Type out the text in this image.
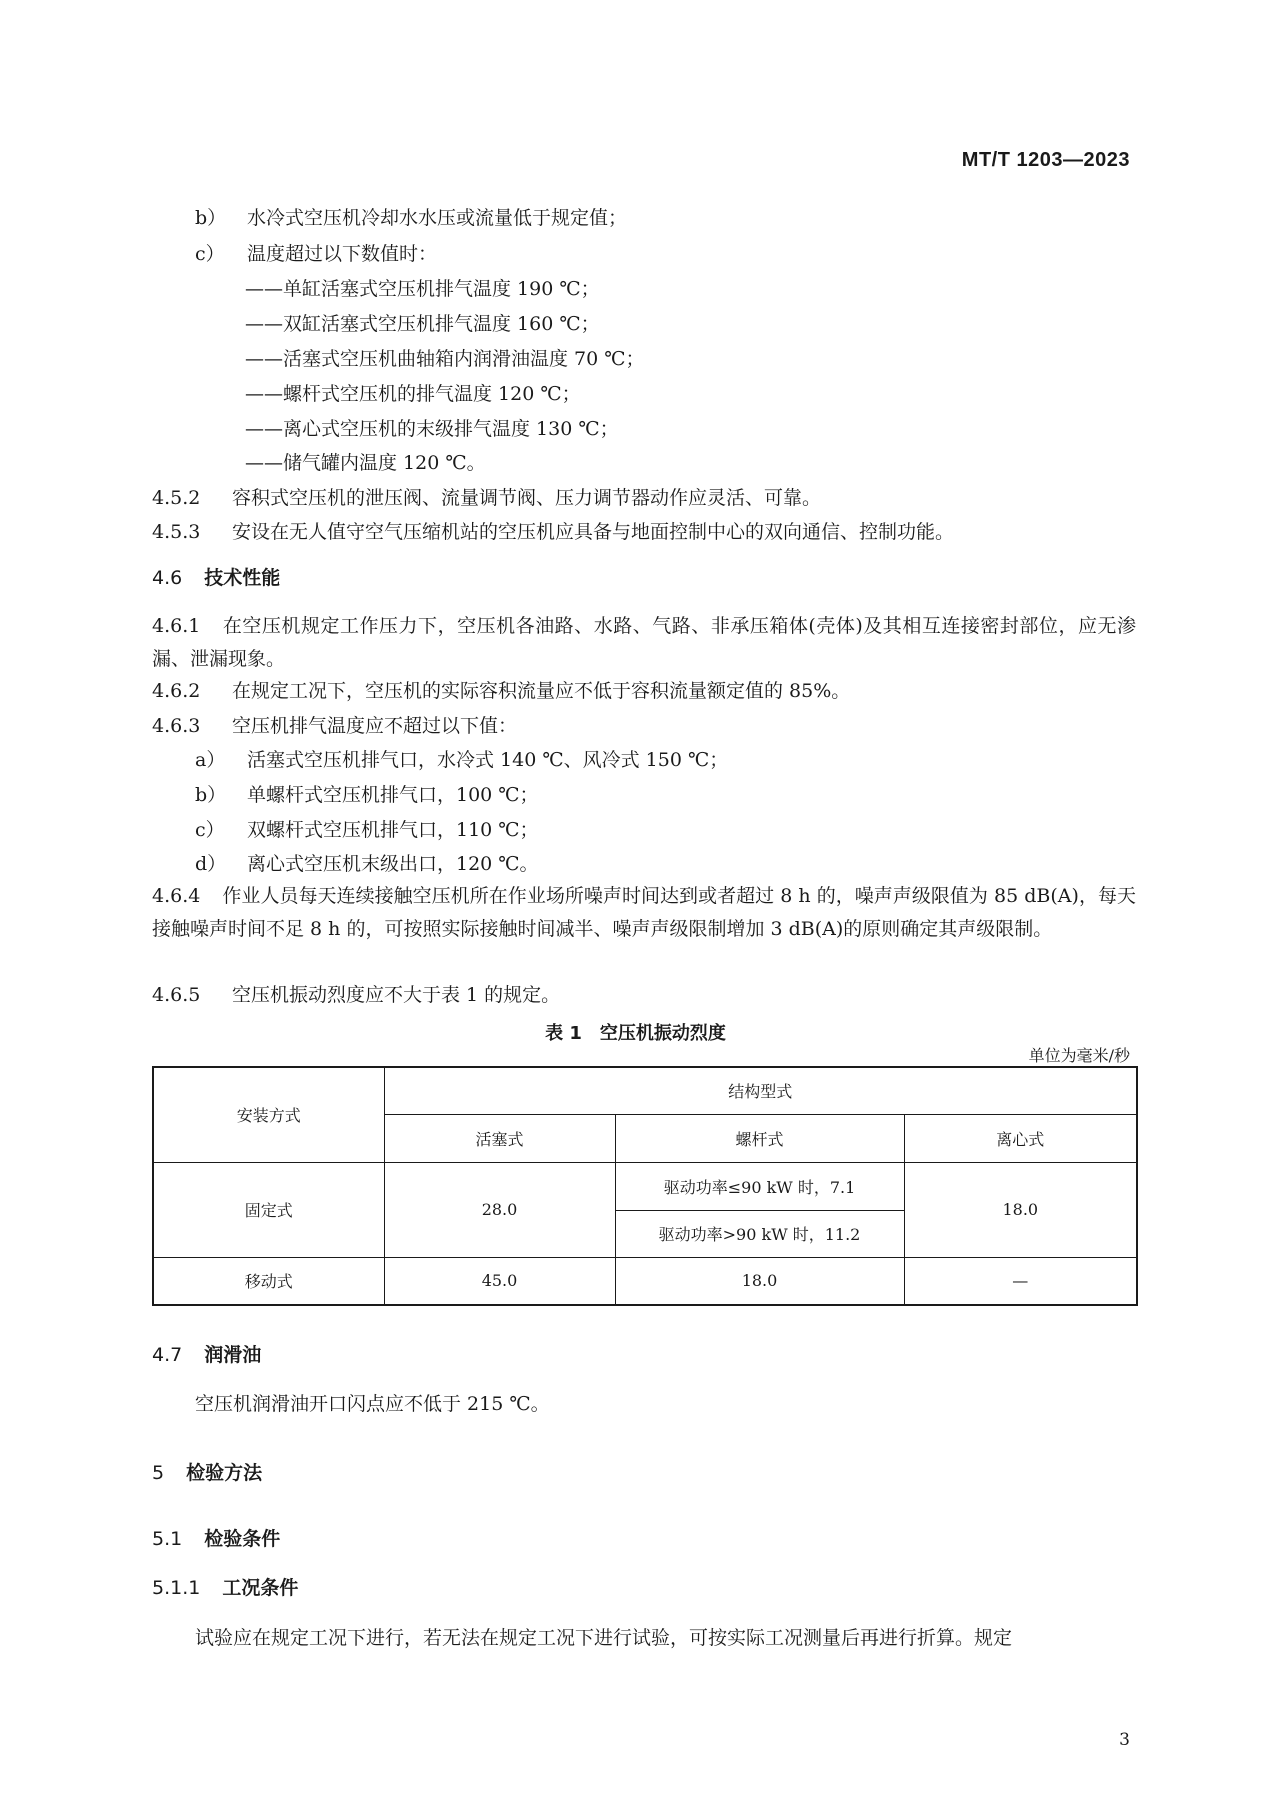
MT/T 1203—2023
b） 水冷式空压机冷却水水压或流量低于规定值；
c） 温度超过以下数值时：
——单缸活塞式空压机排气温度 190 ℃；
——双缸活塞式空压机排气温度 160 ℃；
——活塞式空压机曲轴箱内润滑油温度 70 ℃；
——螺杆式空压机的排气温度 120 ℃；
——离心式空压机的末级排气温度 130 ℃；
——储气罐内温度 120 ℃。
4.5.2 容积式空压机的泄压阀、流量调节阀、压力调节器动作应灵活、可靠。
4.5.3 安设在无人值守空气压缩机站的空压机应具备与地面控制中心的双向通信、控制功能。
4.6 技术性能
4.6.1 在空压机规定工作压力下，空压机各油路、水路、气路、非承压箱体(壳体)及其相互连接密封部位，应无渗漏、泄漏现象。
4.6.2 在规定工况下，空压机的实际容积流量应不低于容积流量额定值的 85%。
4.6.3 空压机排气温度应不超过以下值：
a） 活塞式空压机排气口，水冷式 140 ℃、风冷式 150 ℃；
b） 单螺杆式空压机排气口，100 ℃；
c） 双螺杆式空压机排气口，110 ℃；
d） 离心式空压机末级出口，120 ℃。
4.6.4 作业人员每天连续接触空压机所在作业场所噪声时间达到或者超过 8 h 的，噪声声级限值为 85 dB(A)，每天接触噪声时间不足 8 h 的，可按照实际接触时间减半、噪声声级限制增加 3 dB(A)的原则确定其声级限制。
4.6.5 空压机振动烈度应不大于表 1 的规定。
表 1　空压机振动烈度
单位为毫米/秒
安装方式	结构型式		
	活塞式	螺杆式	离心式
固定式	28.0	驱动功率≤90 kW 时，7.1	18.0
		驱动功率>90 kW 时，11.2	
移动式	45.0	18.0	—
4.7 润滑油
空压机润滑油开口闪点应不低于 215 ℃。
5 检验方法
5.1 检验条件
5.1.1 工况条件
试验应在规定工况下进行，若无法在规定工况下进行试验，可按实际工况测量后再进行折算。规定
3
